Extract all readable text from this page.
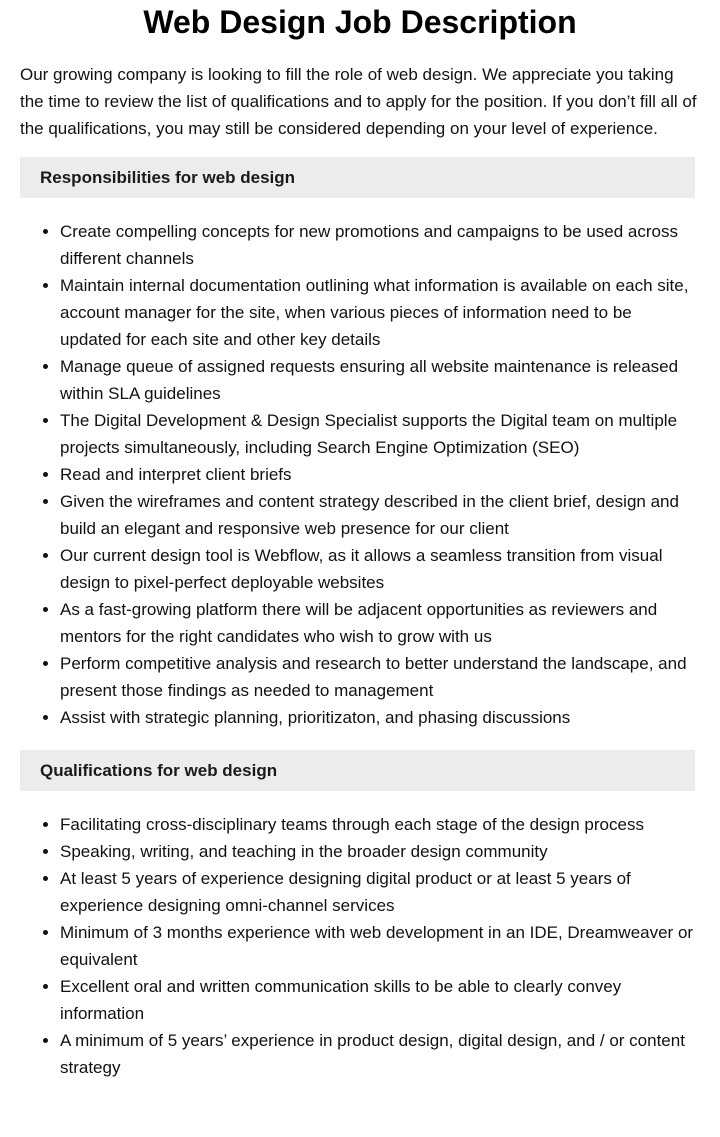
Web Design Job Description

Our growing company is looking to fill the role of web design. We appreciate you taking the time to review the list of qualifications and to apply for the position. If you don’t fill all of the qualifications, you may still be considered depending on your level of experience.

Responsibilities for web design
• Create compelling concepts for new promotions and campaigns to be used across different channels
• Maintain internal documentation outlining what information is available on each site, account manager for the site, when various pieces of information need to be updated for each site and other key details
• Manage queue of assigned requests ensuring all website maintenance is released within SLA guidelines
• The Digital Development & Design Specialist supports the Digital team on multiple projects simultaneously, including Search Engine Optimization (SEO)
• Read and interpret client briefs
• Given the wireframes and content strategy described in the client brief, design and build an elegant and responsive web presence for our client
• Our current design tool is Webflow, as it allows a seamless transition from visual design to pixel-perfect deployable websites
• As a fast-growing platform there will be adjacent opportunities as reviewers and mentors for the right candidates who wish to grow with us
• Perform competitive analysis and research to better understand the landscape, and present those findings as needed to management
• Assist with strategic planning, prioritizaton, and phasing discussions
Qualifications for web design
• Facilitating cross-disciplinary teams through each stage of the design process
• Speaking, writing, and teaching in the broader design community
• At least 5 years of experience designing digital product or at least 5 years of experience designing omni-channel services
• Minimum of 3 months experience with web development in an IDE, Dreamweaver or equivalent
• Excellent oral and written communication skills to be able to clearly convey information
• A minimum of 5 years’ experience in product design, digital design, and / or content strategy
